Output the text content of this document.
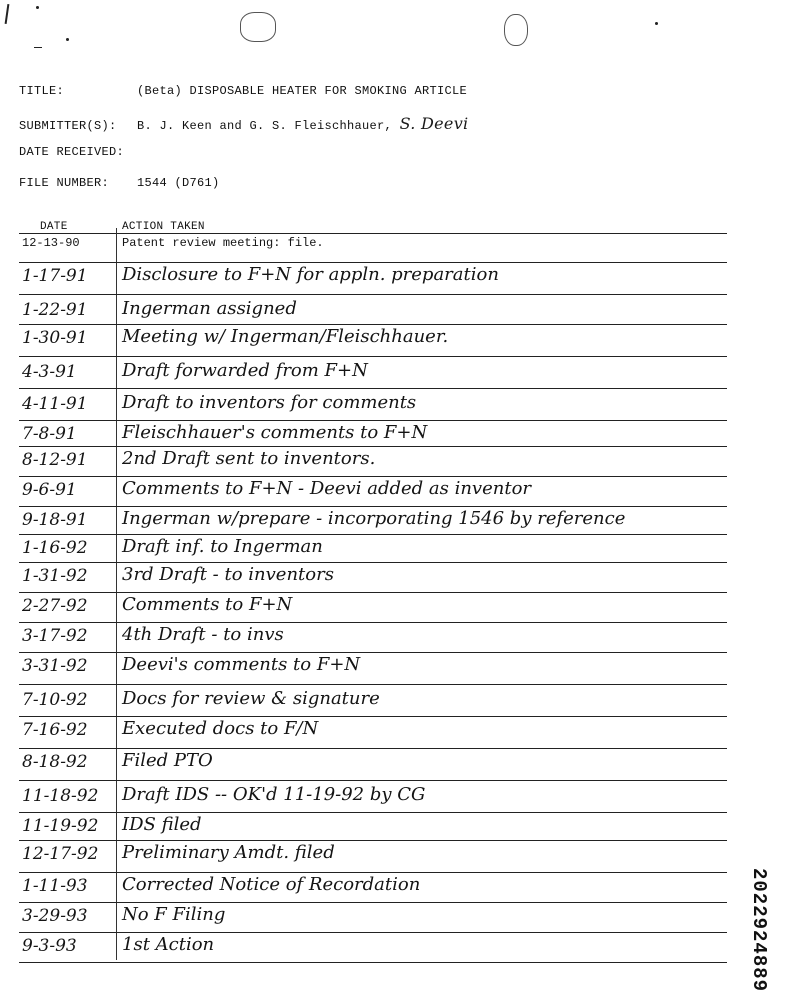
TITLE:	(Beta) DISPOSABLE HEATER FOR SMOKING ARTICLE
SUBMITTER(S): B. J. Keen and G. S. Fleischhauer, S. Deevi
DATE RECEIVED:
FILE NUMBER: 1544 (D761)
DATE	ACTION TAKEN
12-13-90	Patent review meeting: file.
1-17-91 Disclosure to F+N for appln. preparation
1-22-91 Ingerman assigned
1-30-91 Meeting w/ Ingerman/Fleischhauer.
4-3-91	Draft forwarded from F+N
4-11-91 Draft to inventors for comments
7-8-91	Fleischhauer's comments to F+N
8-12-91 2nd Draft sent to inventors.
9-6-91	Comments to F+N - Deevi added as inventor
9-18-91 Ingerman w/prepare - incorporating 1546 by reference
1-16-92 Draft inf. to Ingerman
1-31-92 3rd Draft - to inventors
2-27-92 Comments to F+N
3-17-92 4th Draft - to invs
3-31-92 Deevi's comments to F+N
7-10-92 Docs for review & signature
7-16-92 Executed docs to F/N
8-18-92 Filed PTO
11-18-92 Draft IDS -- OK'd 11-19-92 by CG
11-19-92 IDS filed
12-17-92 Preliminary Amdt. filed
1-11-93 Corrected Notice of Recordation
3-29-93 No F Filing
9-3-93	1st Action	2022924889
